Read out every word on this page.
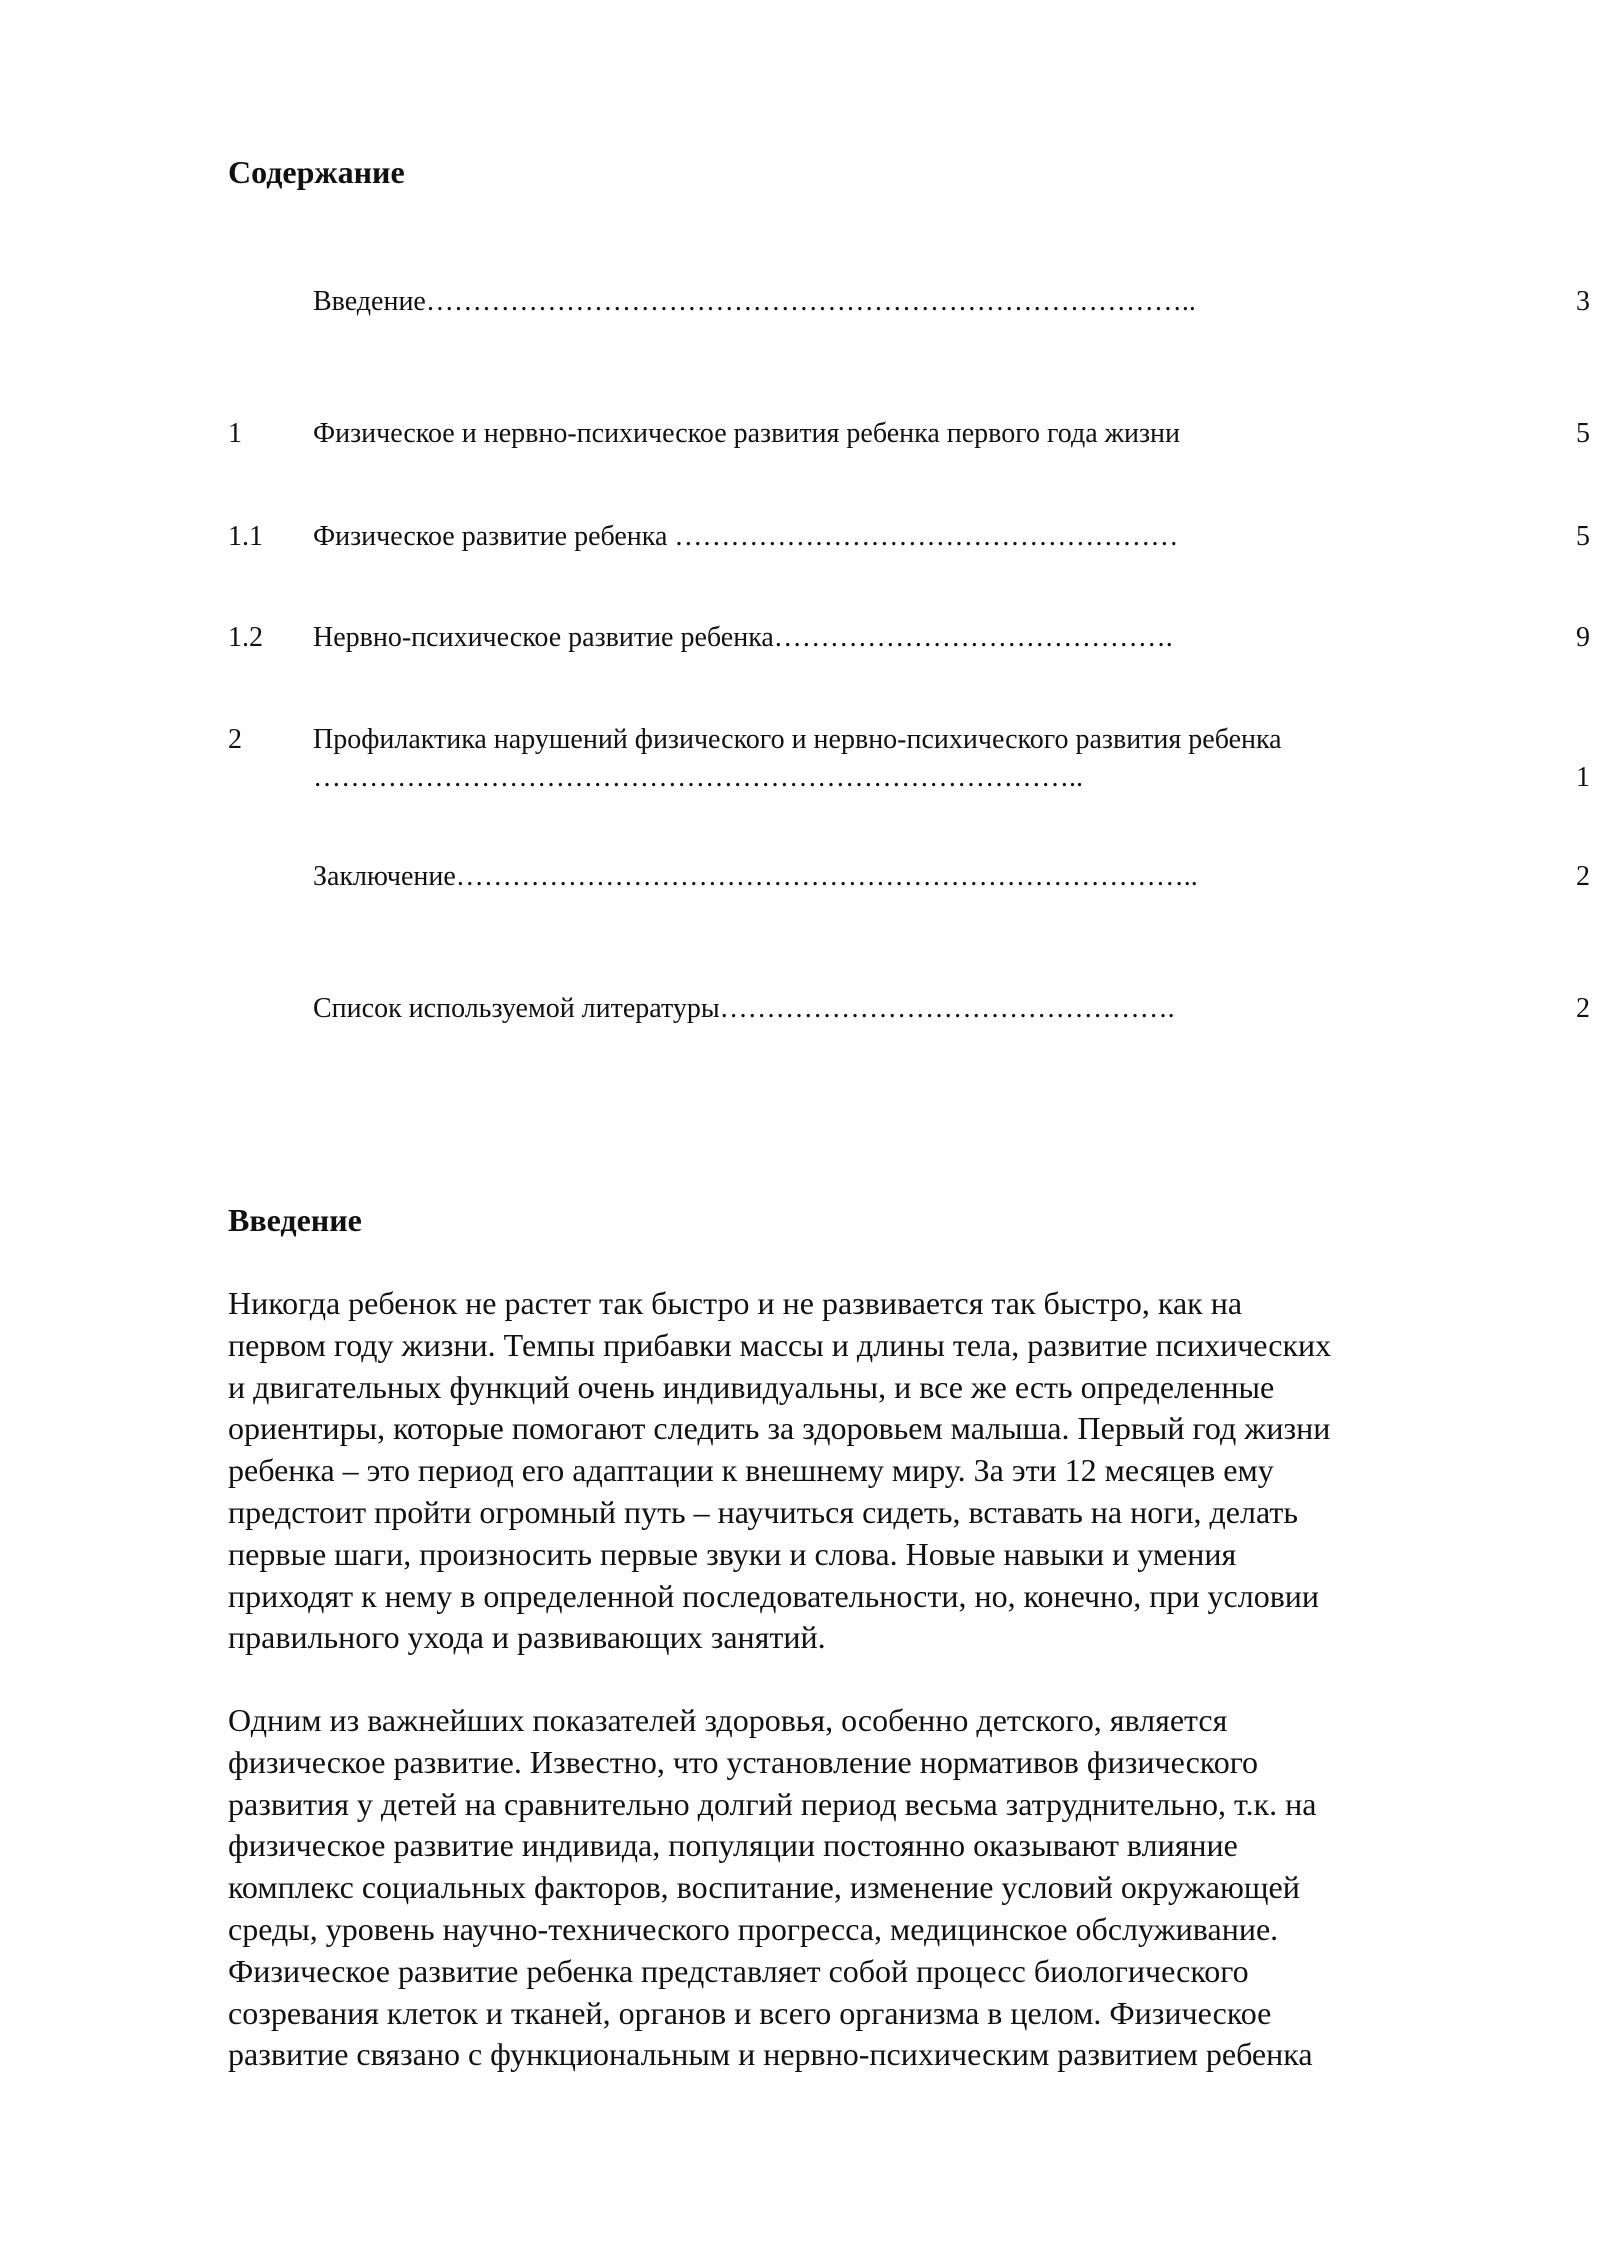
Содержание
Введение………………………………………………………………………..	3
1	Физическое и нервно-психическое развития ребенка первого года жизни	5
1.1 Физическое развитие ребенка ………………………………………………	5
1.2 Нервно-психическое развитие ребенка…………………………………….	9
2	Профилактика нарушений физического и нервно-психического развития ребенка
………………………………………………………………………..	1
Заключение……………………………………………………………………..	2
Список используемой литературы………………………………………….	2
Введение

Никогда ребенок не растет так быстро и не развивается так быстро, как на
первом году жизни. Темпы прибавки массы и длины тела, развитие психических
и двигательных функций очень индивидуальны, и все же есть определенные
ориентиры, которые помогают следить за здоровьем малыша. Первый год жизни
ребенка – это период его адаптации к внешнему миру. За эти 12 месяцев ему
предстоит пройти огромный путь – научиться сидеть, вставать на ноги, делать
первые шаги, произносить первые звуки и слова. Новые навыки и умения
приходят к нему в определенной последовательности, но, конечно, при условии
правильного ухода и развивающих занятий.

Одним из важнейших показателей здоровья, особенно детского, является
физическое развитие. Известно, что установление нормативов физического
развития у детей на сравнительно долгий период весьма затруднительно, т.к. на
физическое развитие индивида, популяции постоянно оказывают влияние
комплекс социальных факторов, воспитание, изменение условий окружающей
среды, уровень научно-технического прогресса, медицинское обслуживание.
Физическое развитие ребенка представляет собой процесс биологического
созревания клеток и тканей, органов и всего организма в целом. Физическое
развитие связано с функциональным и нервно-психическим развитием ребенка
